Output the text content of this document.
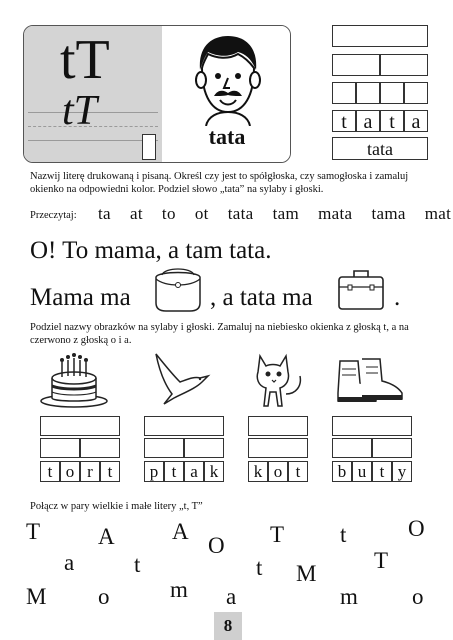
tT
tТ
tata
t a t a
tata
Nazwij literę drukowaną i pisaną. Określ czy jest to spółgłoska, czy samogłoska i zamaluj
okienko na odpowiedni kolor. Podziel słowo „tata” na sylaby i głoski.
Przeczytaj: ta  at  to  ot  tata  tam  mata  tama  mat
O! To mama, a tam tata.
Mama ma	, a tata ma	.
Podziel nazwy obrazków na sylaby i głoski. Zamaluj na niebiesko okienka z głoską t, a na
czerwono z głoską o i a.
t o r t	p t a k	k o t	b u t y
Połącz w pary wielkie i małe litery „t, T”
T	A A
O T t	O
a	t	t M
T
M o	m a	m o
8
